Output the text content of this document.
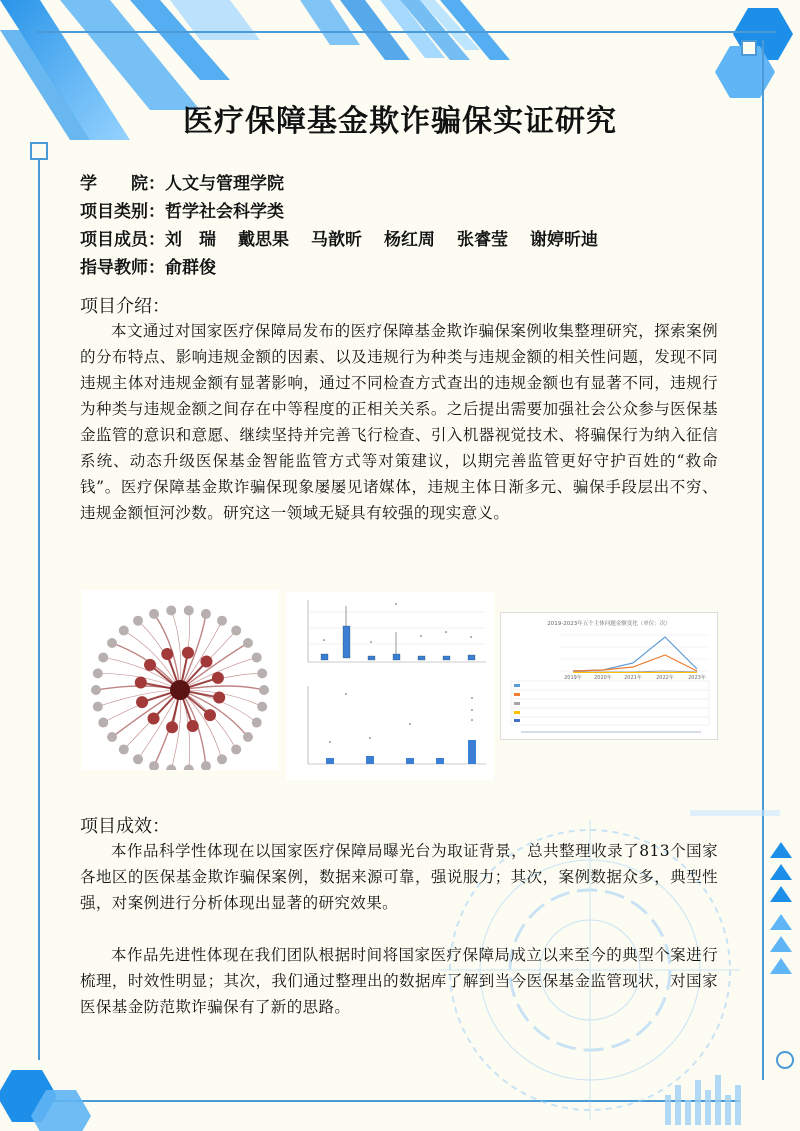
医疗保障基金欺诈骗保实证研究
学　　院：人文与管理学院
项目类别：哲学社会科学类
项目成员：刘　瑞 戴思果 马歆昕 杨红周 张睿莹 谢婷昕迪
指导教师：俞群俊
项目介绍：

本文通过对国家医疗保障局发布的医疗保障基金欺诈骗保案例收集整理研究，探索案例的分布特点、影响违规金额的因素、以及违规行为种类与违规金额的相关性问题，发现不同违规主体对违规金额有显著影响，通过不同检查方式查出的违规金额也有显著不同，违规行为种类与违规金额之间存在中等程度的正相关关系。之后提出需要加强社会公众参与医保基金监管的意识和意愿、继续坚持并完善飞行检查、引入机器视觉技术、将骗保行为纳入征信系统、动态升级医保基金智能监管方式等对策建议，以期完善监管更好守护百姓的“救命钱”。医疗保障基金欺诈骗保现象屡屡见诸媒体，违规主体日渐多元、骗保手段层出不穷、违规金额恒河沙数。研究这一领域无疑具有较强的现实意义。

2019-2023年五个主体问题金额变化（单位：次）
2019年 2020年 2021年	2022年	2023年
项目成效：

本作品科学性体现在以国家医疗保障局曝光台为取证背景，总共整理收录了813个国家各地区的医保基金欺诈骗保案例，数据来源可靠，强说服力；其次，案例数据众多，典型性强，对案例进行分析体现出显著的研究效果。

本作品先进性体现在我们团队根据时间将国家医疗保障局成立以来至今的典型个案进行梳理，时效性明显；其次，我们通过整理出的数据库了解到当今医保基金监管现状，对国家医保基金防范欺诈骗保有了新的思路。
